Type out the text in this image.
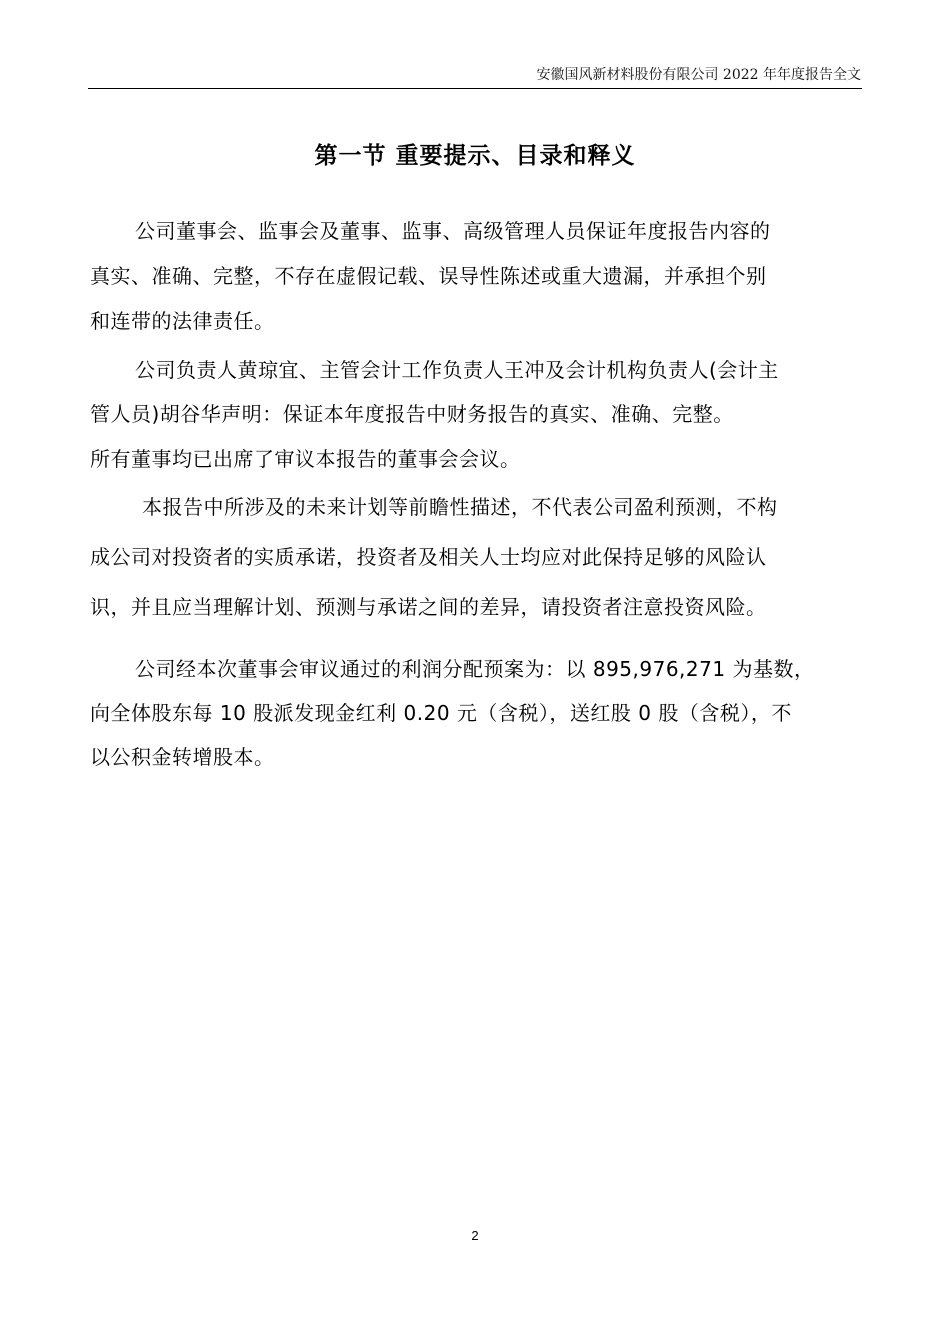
安徽国风新材料股份有限公司 2022 年年度报告全文
第一节 重要提示、目录和释义
公司董事会、监事会及董事、监事、高级管理人员保证年度报告内容的
真实、准确、完整，不存在虚假记载、误导性陈述或重大遗漏，并承担个别
和连带的法律责任。
公司负责人黄琼宜、主管会计工作负责人王冲及会计机构负责人(会计主
管人员)胡谷华声明：保证本年度报告中财务报告的真实、准确、完整。
所有董事均已出席了审议本报告的董事会会议。
本报告中所涉及的未来计划等前瞻性描述，不代表公司盈利预测，不构
成公司对投资者的实质承诺，投资者及相关人士均应对此保持足够的风险认
识，并且应当理解计划、预测与承诺之间的差异，请投资者注意投资风险。
公司经本次董事会审议通过的利润分配预案为：以 895,976,271 为基数，
向全体股东每 10 股派发现金红利 0.20 元（含税），送红股 0 股（含税），不
以公积金转增股本。
2
